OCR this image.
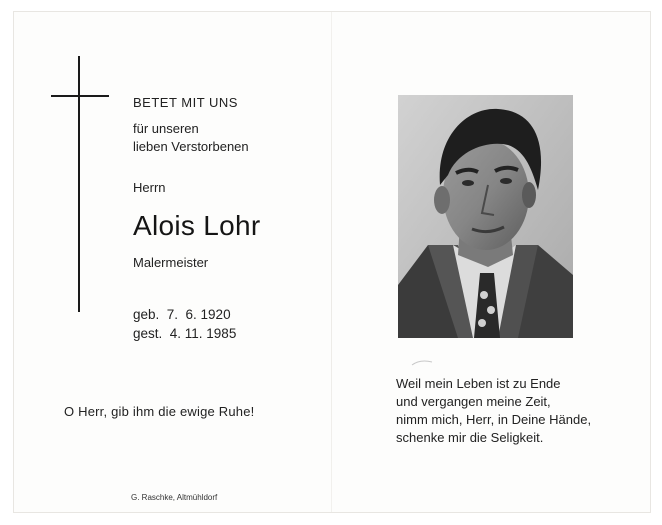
BETET MIT UNS
für unseren
lieben Verstorbenen
Herrn
Alois Lohr
Malermeister
geb.  7.  6. 1920
gest.  4. 11. 1985
O Herr, gib ihm die ewige Ruhe!
G. Raschke, Altmühldorf
Weil mein Leben ist zu Ende
und vergangen meine Zeit,
nimm mich, Herr, in Deine Hände,
schenke mir die Seligkeit.
